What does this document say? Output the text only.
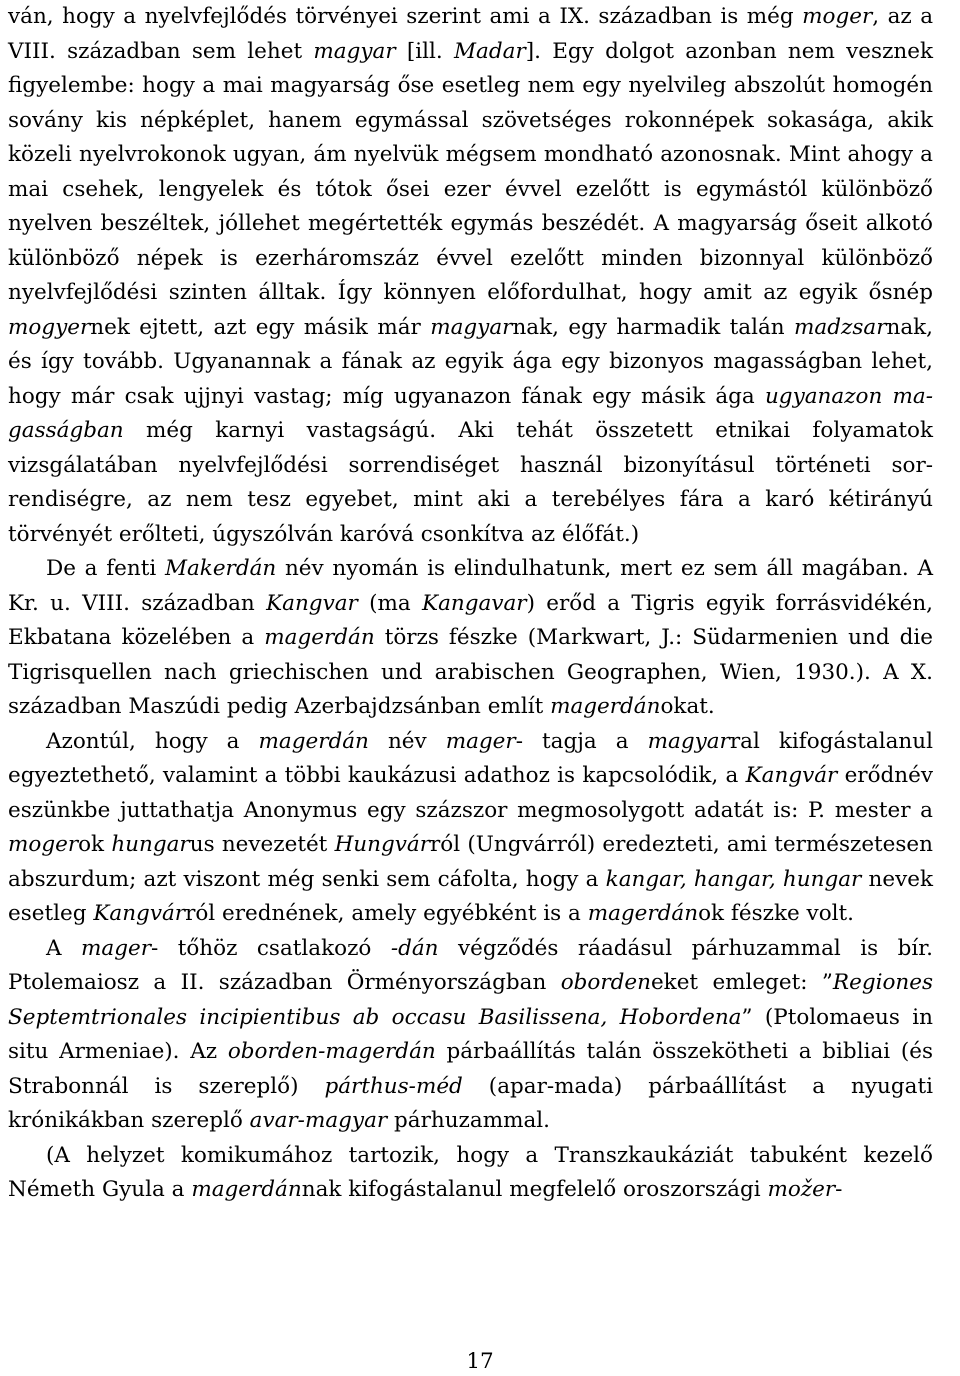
ván, hogy a nyelvfejlődés törvényei szerint ami a IX. században is még moger, az a VIII. században sem lehet magyar [ill. Madar]. Egy dolgot azonban nem vesznek figyelembe: hogy a mai magyarság őse esetleg nem egy nyelvileg abszolút homogén sovány kis népképlet, hanem egymással szövetséges rokonnépek sokasága, akik közeli nyelvrokonok ugyan, ám nyelvük mégsem mondható azonosnak. Mint ahogy a mai csehek, lengyelek és tótok ősei ezer évvel ezelőtt is egymástól különböző nyelven beszéltek, jóllehet megértették egymás beszédét. A magyarság őseit alkotó különböző népek is ezerháromszáz évvel ezelőtt minden bizonnyal különböző nyelvfejlődési szinten álltak. Így könnyen előfordulhat, hogy amit az egyik ősnép mogyernek ejtett, azt egy másik már magyarnak, egy harmadik talán madzsarnak, és így tovább. Ugyanannak a fának az egyik ága egy bizonyos magasságban lehet, hogy már csak ujjnyi vastag; míg ugyanazon fának egy másik ága ugyanazon magasságban még karnyi vastagságú. Aki tehát összetett etnikai folyamatok vizsgálatában nyelvfejlődési sorrendiséget használ bizonyításul történeti sorrendiségre, az nem tesz egyebet, mint aki a terebélyes fára a karó kétirányú törvényét erőlteti, úgyszólván karóvá csonkítva az élőfát.)

De a fenti Makerdán név nyomán is elindulhatunk, mert ez sem áll magában. A Kr. u. VIII. században Kangvar (ma Kangavar) erőd a Tigris egyik forrásvidékén, Ekbatana közelében a magerdán törzs fészke (Markwart, J.: Südarmenien und die Tigrisquellen nach griechischen und arabischen Geographen, Wien, 1930.). A X. században Maszúdi pedig Azerbajdzsánban említ magerdánokat.

Azontúl, hogy a magerdán név mager- tagja a magyarral kifogástalanul egyeztethető, valamint a többi kaukázusi adathoz is kapcsolódik, a Kangvár erődnév eszünkbe juttathatja Anonymus egy százszor megmosolygott adatát is: P. mester a mogerok hungarus nevezetét Hungvárról (Ungvárról) eredezteti, ami természetesen abszurdum; azt viszont még senki sem cáfolta, hogy a kangar, hangar, hungar nevek esetleg Kangvárról erednének, amely egyébként is a magerdánok fészke volt.

A mager- tőhöz csatlakozó -dán végződés ráadásul párhuzammal is bír. Ptolemaiosz a II. században Örményországban obordeneket emleget: ”Regiones Septemtrionales incipientibus ab occasu Basilissena, Hobordena” (Ptolomaeus in situ Armeniae). Az oborden-magerdán párbaállítás talán összekötheti a bibliai (és Strabonnál is szereplő) párthus-méd (apar-mada) párbaállítást a nyugati krónikákban szereplő avar-magyar párhuzammal.

(A helyzet komikumához tartozik, hogy a Transzkaukáziát tabuként kezelő Németh Gyula a magerdánnak kifogástalanul megfelelő oroszországi možer-

17
